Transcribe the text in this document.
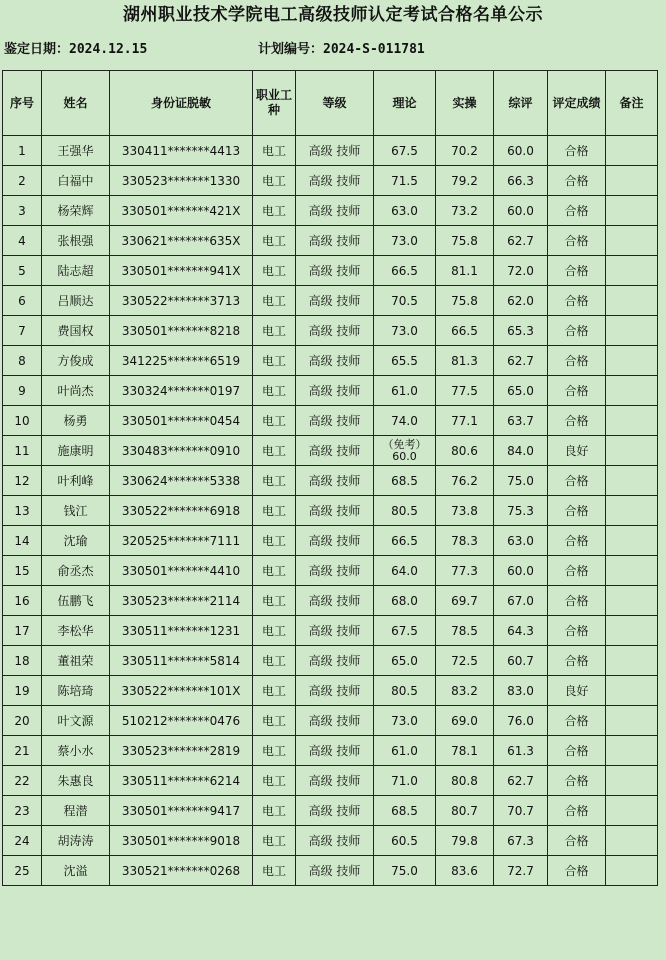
湖州职业技术学院电工高级技师认定考试合格名单公示
鉴定日期：2024.12.15	计划编号：2024-S-011781
序号	姓名	身份证脱敏	职业工种	等级	理论	实操	综评	评定成绩	备注
1	王强华	330411*******4413	电工	高级 技师	67.5	70.2	60.0	合格	
2	白福中	330523*******1330	电工	高级 技师	71.5	79.2	66.3	合格	
3	杨荣辉	330501*******421X	电工	高级 技师	63.0	73.2	60.0	合格	
4	张根强	330621*******635X	电工	高级 技师	73.0	75.8	62.7	合格	
5	陆志超	330501*******941X	电工	高级 技师	66.5	81.1	72.0	合格	
6	吕顺达	330522*******3713	电工	高级 技师	70.5	75.8	62.0	合格	
7	费国权	330501*******8218	电工	高级 技师	73.0	66.5	65.3	合格	
8	方俊成	341225*******6519	电工	高级 技师	65.5	81.3	62.7	合格	
9	叶尚杰	330324*******0197	电工	高级 技师	61.0	77.5	65.0	合格	
10	杨勇	330501*******0454	电工	高级 技师	74.0	77.1	63.7	合格	
11	施康明	330483*******0910	电工	高级 技师	（免考）60.0	80.6	84.0	良好	
12	叶利峰	330624*******5338	电工	高级 技师	68.5	76.2	75.0	合格	
13	钱江	330522*******6918	电工	高级 技师	80.5	73.8	75.3	合格	
14	沈瑜	320525*******7111	电工	高级 技师	66.5	78.3	63.0	合格	
15	俞丞杰	330501*******4410	电工	高级 技师	64.0	77.3	60.0	合格	
16	伍鹏飞	330523*******2114	电工	高级 技师	68.0	69.7	67.0	合格	
17	李松华	330511*******1231	电工	高级 技师	67.5	78.5	64.3	合格	
18	董祖荣	330511*******5814	电工	高级 技师	65.0	72.5	60.7	合格	
19	陈培琦	330522*******101X	电工	高级 技师	80.5	83.2	83.0	良好	
20	叶文源	510212*******0476	电工	高级 技师	73.0	69.0	76.0	合格	
21	蔡小水	330523*******2819	电工	高级 技师	61.0	78.1	61.3	合格	
22	朱惠良	330511*******6214	电工	高级 技师	71.0	80.8	62.7	合格	
23	程潜	330501*******9417	电工	高级 技师	68.5	80.7	70.7	合格	
24	胡涛涛	330501*******9018	电工	高级 技师	60.5	79.8	67.3	合格	
25	沈溢	330521*******0268	电工	高级 技师	75.0	83.6	72.7	合格	
